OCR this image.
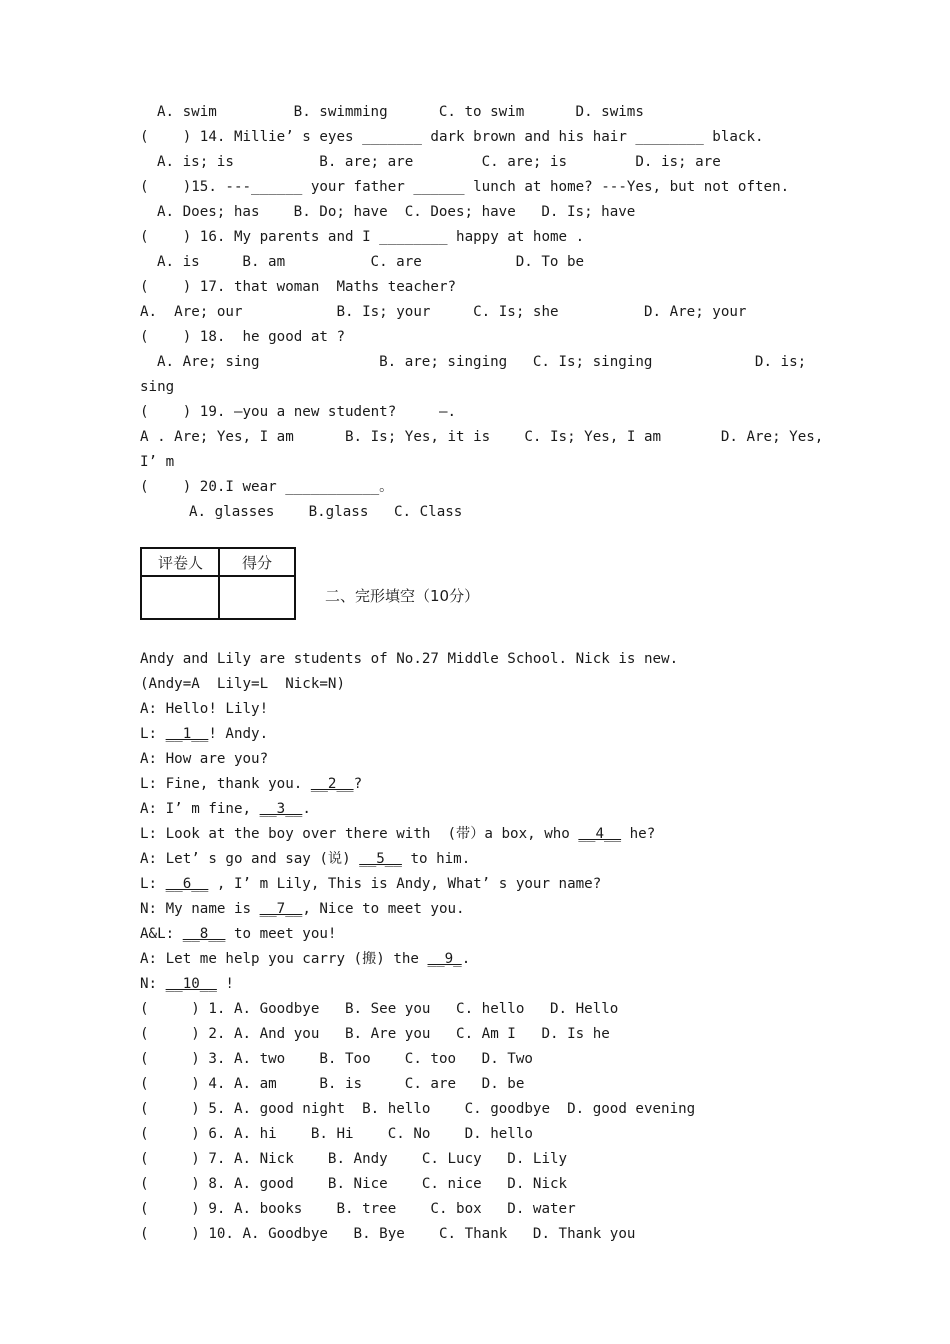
A. swim         B. swimming      C. to swim      D. swims
(    ) 14. Millie’ s eyes _______ dark brown and his hair ________ black.
A. is; is          B. are; are        C. are; is        D. is; are
(    )15. ---______ your father ______ lunch at home? ---Yes, but not often.
A. Does; has    B. Do; have  C. Does; have   D. Is; have
(    ) 16. My parents and I ________ happy at home .
A. is     B. am          C. are           D. To be
(    ) 17. that woman  Maths teacher?
A.  Are; our           B. Is; your     C. Is; she          D. Are; your
(    ) 18.  he good at ?
A. Are; sing              B. are; singing   C. Is; singing            D. is;
sing
(    ) 19. —you a new student?     —.
A . Are; Yes, I am      B. Is; Yes, it is    C. Is; Yes, I am       D. Are; Yes,
I’ m
(    ) 20.I wear ___________。
A. glasses    B.glass   C. Class
评卷人	得分
二、完形填空（10分）
Andy and Lily are students of No.27 Middle School. Nick is new.
(Andy=A  Lily=L  Nick=N)
A: Hello! Lily!
L: __1__! Andy.
A: How are you?
L: Fine, thank you. __2__?
A: I’ m fine, __3__.
L: Look at the boy over there with  (带）a box, who __4__ he?
A: Let’ s go and say (说) __5__ to him.
L: __6__ , I’ m Lily, This is Andy, What’ s your name?
N: My name is __7__, Nice to meet you.
A&L: __8__ to meet you!
A: Let me help you carry (搬) the __9_.
N: __10__ !
(     ) 1. A. Goodbye   B. See you   C. hello   D. Hello
(     ) 2. A. And you   B. Are you   C. Am I   D. Is he
(     ) 3. A. two    B. Too    C. too   D. Two
(     ) 4. A. am     B. is     C. are   D. be
(     ) 5. A. good night  B. hello    C. goodbye  D. good evening
(     ) 6. A. hi    B. Hi    C. No    D. hello
(     ) 7. A. Nick    B. Andy    C. Lucy   D. Lily
(     ) 8. A. good    B. Nice    C. nice   D. Nick
(     ) 9. A. books    B. tree    C. box   D. water
(     ) 10. A. Goodbye   B. Bye    C. Thank   D. Thank you
